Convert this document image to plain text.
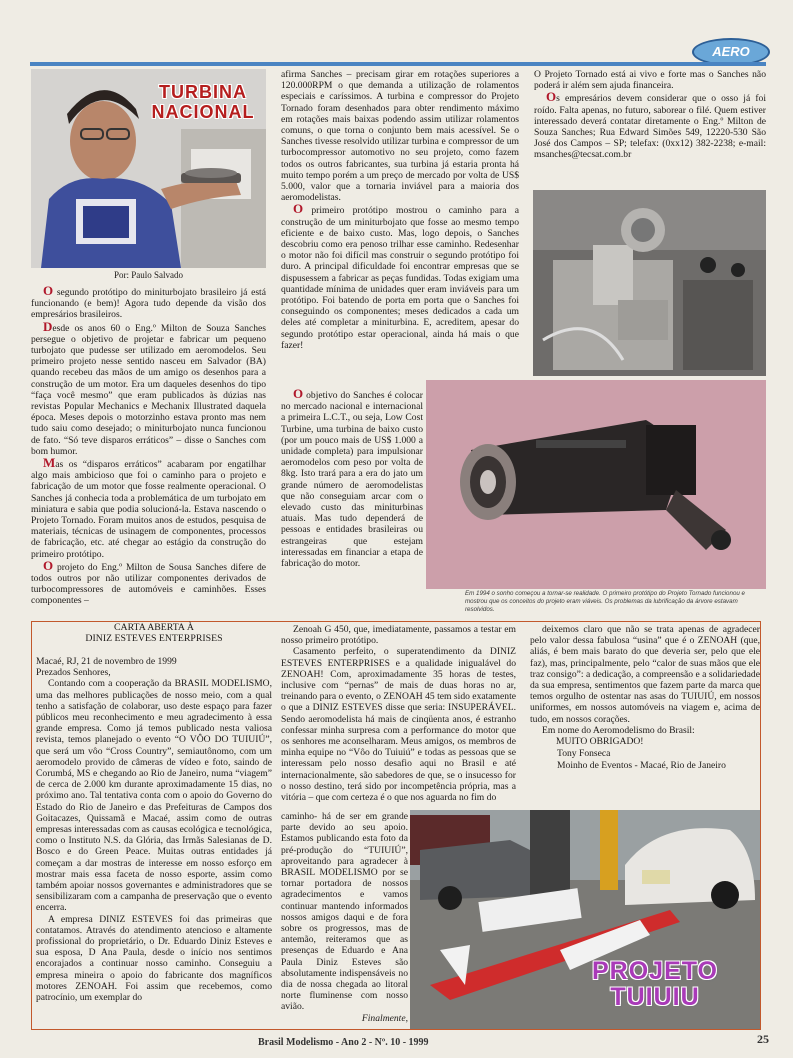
AERO
TURBINA
NACIONAL
Por: Paulo Salvado

O segundo protótipo do miniturbojato brasileiro já está funcionando (e bem)! Agora tudo depende da visão dos empresários brasileiros.

Desde os anos 60 o Eng.º Milton de Souza Sanches persegue o objetivo de projetar e fabricar um pequeno turbojato que pudesse ser utilizado em aeromodelos. Seu primeiro projeto nesse sentido nasceu em Salvador (BA) quando recebeu das mãos de um amigo os desenhos para a construção de um motor. Era um daqueles desenhos do tipo “faça você mesmo” que eram publicados às dúzias nas revistas Popular Mechanics e Mechanix Illustrated daquela época. Meses depois o motorzinho estava pronto mas nem tudo saiu como desejado; o miniturbojato nunca funcionou de fato. “Só teve disparos erráticos” – disse o Sanches com bom humor.

Mas os “disparos erráticos” acabaram por engatilhar algo mais ambicioso que foi o caminho para o projeto e fabricação de um motor que fosse realmente operacional. O Sanches já conhecia toda a problemática de um turbojato em miniatura e sabia que podia solucioná-la. Estava nascendo o Projeto Tornado. Foram muitos anos de estudos, pesquisa de materiais, técnicas de usinagem de componentes, processos de fabricação, etc. até chegar ao estágio da construção do primeiro protótipo.

O projeto do Eng.º Milton de Sousa Sanches difere de todos outros por não utilizar componentes derivados de turbocompressores de automóveis e caminhões. Esses componentes –

afirma Sanches – precisam girar em rotações superiores a 120.000RPM o que demanda a utilização de rolamentos especiais e caríssimos. A turbina e compressor do Projeto Tornado foram desenhados para obter rendimento máximo em rotações mais baixas podendo assim utilizar rolamentos comuns, o que torna o conjunto bem mais acessível. Se o Sanches tivesse resolvido utilizar turbina e compressor de um turbocompressor automotivo no seu projeto, como fazem todos os outros fabricantes, sua turbina já estaria pronta há muito tempo porém a um preço de mercado por volta de US$ 5.000, valor que a tornaria inviável para a maioria dos aeromodelistas.

O primeiro protótipo mostrou o caminho para a construção de um miniturbojato que fosse ao mesmo tempo eficiente e de baixo custo. Mas, logo depois, o Sanches descobriu como era penoso trilhar esse caminho. Redesenhar o motor não foi difícil mas construir o segundo protótipo foi duro. A principal dificuldade foi encontrar empresas que se dispusessem a fabricar as peças fundidas. Todas exigiam uma quantidade mínima de unidades quer eram inviáveis para um protótipo. Foi batendo de porta em porta que o Sanches foi conseguindo os componentes; meses dedicados a cada um deles até completar a miniturbina. E, acreditem, apesar do segundo protótipo estar operacional, ainda há mais o que fazer!

O objetivo do Sanches é colocar no mercado nacional e internacional a primeira L.C.T., ou seja, Low Cost Turbine, uma turbina de baixo custo (por um pouco mais de US$ 1.000 a unidade completa) para impulsionar aeromodelos com peso por volta de 8kg. Isto trará para a era do jato um grande número de aeromodelistas que não conseguiam arcar com o elevado custo das miniturbinas atuais. Mas tudo dependerá de pessoas e entidades brasileiras ou estrangeiras que estejam interessadas em financiar a etapa de fabricação do motor.

O Projeto Tornado está ai vivo e forte mas o Sanches não poderá ir além sem ajuda financeira.

Os empresários devem considerar que o osso já foi roído. Falta apenas, no futuro, saborear o filé. Quem estiver interessado deverá contatar diretamente o Eng.º Milton de Souza Sanches; Rua Edward Simões 549, 12220-530 São José dos Campos – SP; telefax: (0xx12) 382-2238; e-mail: msanches@tecsat.com.br

Em 1994 o sonho começou a tornar-se realidade. O primeiro protótipo do Projeto Tornado funcionou e mostrou que os conceitos do projeto eram viáveis. Os problemas da lubrificação da árvore estavam resolvidos.
CARTA ABERTA À
DINIZ ESTEVES ENTERPRISES

Macaé, RJ, 21 de novembro de 1999

Prezados Senhores,

Contando com a cooperação da BRASIL MODELISMO, uma das melhores publicações de nosso meio, com a qual tenho a satisfação de colaborar, uso deste espaço para fazer públicos meu reconhecimento e meu agradecimento à essa grande empresa. Como já temos publicado nesta valiosa revista, temos planejado o evento “O VÔO DO TUIUIÚ”, que será um vôo “Cross Country”, semiautônomo, com um aeromodelo provido de câmeras de vídeo e foto, saindo de Corumbá, MS e chegando ao Rio de Janeiro, numa “viagem” de cerca de 2.000 km durante aproximadamente 15 dias, no próximo ano. Tal tentativa conta com o apoio do Governo do Estado do Rio de Janeiro e das Prefeituras de Campos dos Goitacazes, Quissamã e Macaé, assim como de outras empresas interessadas com as causas ecológica e tecnológica, como o Instituto N.S. da Glória, das Irmãs Salesianas de D. Bosco e do Green Peace. Muitas outras entidades já começam a dar mostras de interesse em nosso esforço em mostrar mais essa faceta de nosso esporte, assim como também apoiar nossos governantes e administradores que se sensibilizaram com a campanha de preservação que o evento encerra.

A empresa DINIZ ESTEVES foi das primeiras que contatamos. Através do atendimento atencioso e altamente profissional do proprietário, o Dr. Eduardo Diniz Esteves e sua esposa, D Ana Paula, desde o início nos sentimos encorajados a continuar nosso caminho. Conseguiu a empresa mineira o apoio do fabricante dos magníficos motores ZENOAH. Foi assim que recebemos, como patrocínio, um exemplar do

Zenoah G 450, que, imediatamente, passamos a testar em nosso primeiro protótipo.

Casamento perfeito, o superatendimento da DINIZ ESTEVES ENTERPRISES e a qualidade inigualável do ZENOAH! Com, aproximadamente 35 horas de testes, inclusive com “pernas” de mais de duas horas no ar, treinando para o evento, o ZENOAH 45 tem sido exatamente o que a DINIZ ESTEVES disse que seria: INSUPERÁVEL. Sendo aeromodelista há mais de cinqüenta anos, é estranho confessar minha surpresa com a performance do motor que os senhores me aconselharam. Meus amigos, os membros de minha equipe no “Vôo do Tuiuiú” e todas as pessoas que se interessam pelo nosso desafio aqui no Brasil e até internacionalmente, são sabedores de que, se o insucesso for o nosso destino, terá sido por incompetência própria, mas a vitória – que com certeza é o que nos aguarda no fim do

caminho- há de ser em grande parte devido ao seu apoio. Estamos publicando esta foto da pré-produção do “TUIUIÚ”, aproveitando para agradecer à BRASIL MODELISMO por se tornar portadora de nossos agradecimentos e vamos continuar mantendo informados nossos amigos daqui e de fora sobre os progressos, mas de antemão, reiteramos que as presenças de Eduardo e Ana Paula Diniz Esteves são absolutamente indispensáveis no dia de nossa chegada ao litoral norte fluminense com nosso avião.

Finalmente,

deixemos claro que não se trata apenas de agradecer pelo valor dessa fabulosa “usina” que é o ZENOAH (que, aliás, é bem mais barato do que deveria ser, pelo que ele faz), mas, principalmente, pelo “calor de suas mãos que ele traz consigo”: a dedicação, a compreensão e a solidariedade da sua empresa, sentimentos que fazem parte da marca que temos orgulho de ostentar nas asas do TUIUIÚ, em nossos uniformes, em nossos automóveis na viagem e, acima de tudo, em nossos corações.

Em nome do Aeromodelismo do Brasil:

MUITO OBRIGADO!

Tony Fonseca
Moinho de Eventos - Macaé, Rio de Janeiro
PROJETO
TUIUIU
Brasil Modelismo - Ano 2 - Nº. 10 - 1999	25
